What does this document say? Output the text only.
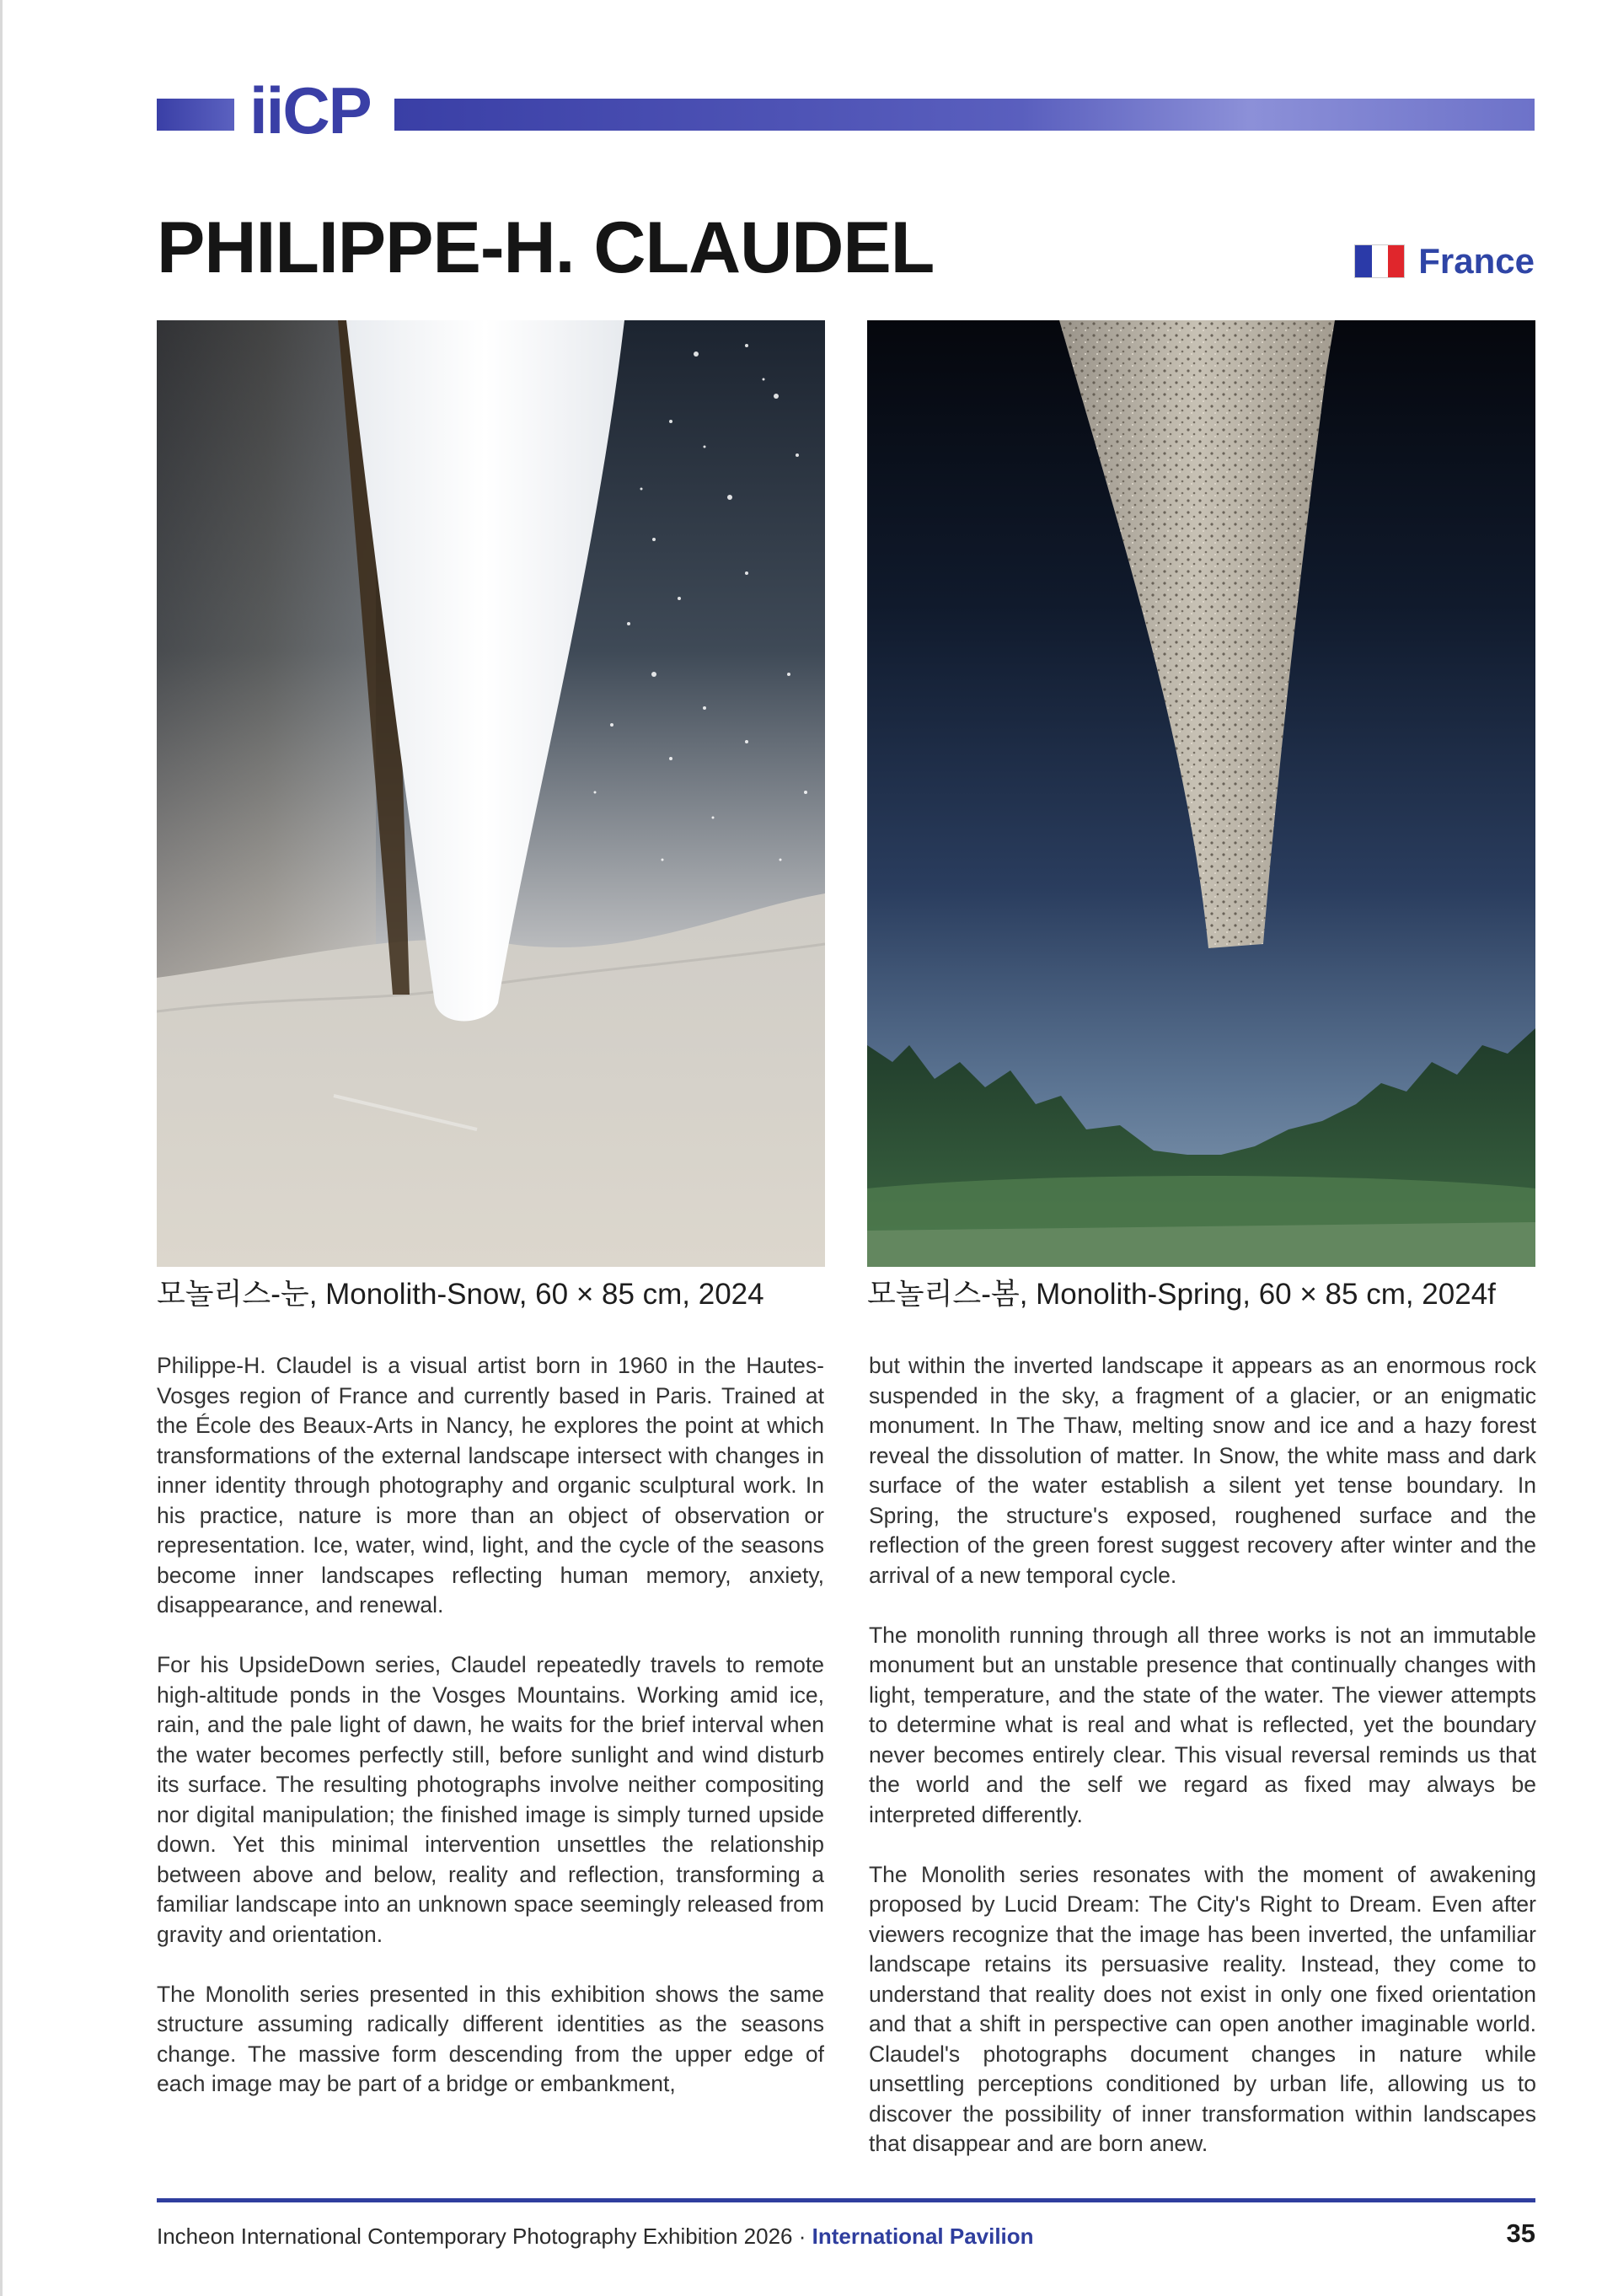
iiCP
PHILIPPE-H. CLAUDEL	France
모놀리스-눈, Monolith-Snow, 60 × 85 cm, 2024	모놀리스-봄, Monolith-Spring, 60 × 85 cm, 2024f

Philippe-H. Claudel is a visual artist born in 1960 in the Hautes-Vosges region of France and currently based in Paris. Trained at the École des Beaux-Arts in Nancy, he explores the point at which transformations of the external landscape intersect with changes in inner identity through photography and organic sculptural work. In his practice, nature is more than an object of observation or representation. Ice, water, wind, light, and the cycle of the seasons become inner landscapes reflecting human memory, anxiety, disappearance, and renewal.

For his UpsideDown series, Claudel repeatedly travels to remote high-altitude ponds in the Vosges Mountains. Working amid ice, rain, and the pale light of dawn, he waits for the brief interval when the water becomes perfectly still, before sunlight and wind disturb its surface. The resulting photographs involve neither compositing nor digital manipulation; the finished image is simply turned upside down. Yet this minimal intervention unsettles the relationship between above and below, reality and reflection, transforming a familiar landscape into an unknown space seemingly released from gravity and orientation.

The Monolith series presented in this exhibition shows the same structure assuming radically different identities as the seasons change. The massive form descending from the upper edge of each image may be part of a bridge or embankment,

but within the inverted landscape it appears as an enormous rock suspended in the sky, a fragment of a glacier, or an enigmatic monument. In The Thaw, melting snow and ice and a hazy forest reveal the dissolution of matter. In Snow, the white mass and dark surface of the water establish a silent yet tense boundary. In Spring, the structure's exposed, roughened surface and the reflection of the green forest suggest recovery after winter and the arrival of a new temporal cycle.

The monolith running through all three works is not an immutable monument but an unstable presence that continually changes with light, temperature, and the state of the water. The viewer attempts to determine what is real and what is reflected, yet the boundary never becomes entirely clear. This visual reversal reminds us that the world and the self we regard as fixed may always be interpreted differently.

The Monolith series resonates with the moment of awakening proposed by Lucid Dream: The City's Right to Dream. Even after viewers recognize that the image has been inverted, the unfamiliar landscape retains its persuasive reality. Instead, they come to understand that reality does not exist in only one fixed orientation and that a shift in perspective can open another imaginable world. Claudel's photographs document changes in nature while unsettling perceptions conditioned by urban life, allowing us to discover the possibility of inner transformation within landscapes that disappear and are born anew.

Incheon International Contemporary Photography Exhibition 2026 · International Pavilion	35
